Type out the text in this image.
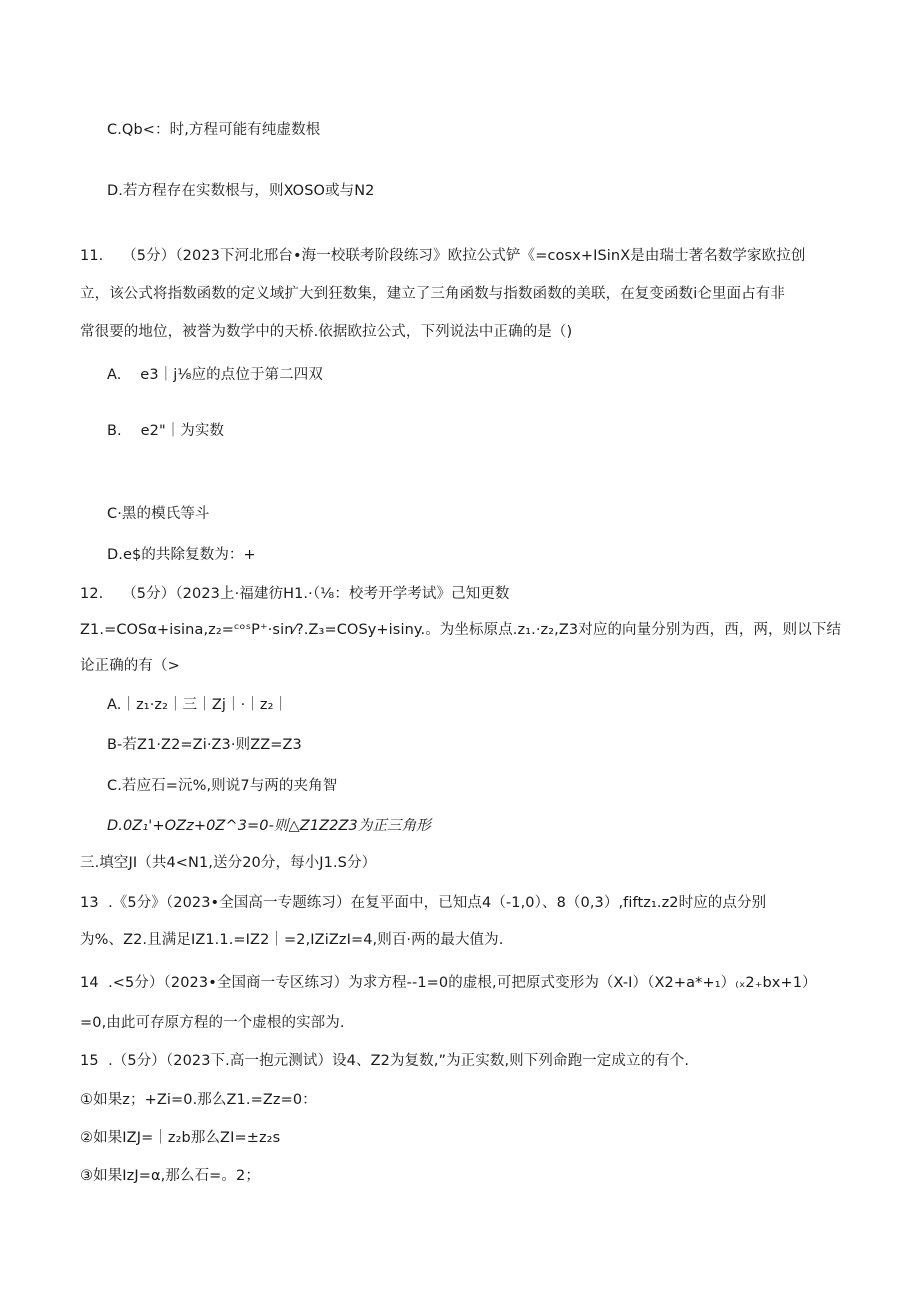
C.Qb<：时,方程可能有纯虚数根
D.若方程存在实数根与，则XOSO或与N2
11.    （5分）（2023下河北邢台•海一校联考阶段练习》欧拉公式铲《=cosx+ISinX是由瑞士著名数学家欧拉创
立，该公式将指数函数的定义域扩大到狂数集，建立了三角函数与指数函数的美联，在复变函数i仑里面占有非
常很要的地位，被誉为数学中的天桥.依据欧拉公式，下列说法中正确的是（)
A.    e3｜j⅛应的点位于第二四双
B.    e2"｜为实数
C·黑的模氏等斗
D.e$的共除复数为：+
12.    （5分）（2023上·福建彷H1.·（⅛：校考开学考试》己知更数
Z1.=COSα+isina,z₂=ᶜᵒˢP⁺·sin⁄?.Z₃=COSy+isiny.。为坐标原点.z₁.·z₂,Z3对应的向量分别为西，西，两，则以下结
论正确的有（>
A.｜z₁·z₂｜三｜Zj｜·｜z₂｜
B-若Z1·Z2=Zi·Z3·则ZZ=Z3
C.若应石=沅%,则说7与两的夹角智
D.0Z₁'+OZz+0Z^3=0-则△Z1Z2Z3为正三角形
三.填空JI（共4<N1,送分20分，每小J1.S分）
13  .《5分》（2023•全国高一专题练习）在复平面中，已知点4（-1,0）、8（0,3）,fiftz₁.z2时应的点分别
为%、Z2.且满足IZ1.1.=IZ2｜=2,IZiZzI=4,则百·两的最大值为.
14  .<5分）（2023•全国商一专区练习）为求方程--1=0的虚根,可把原式变形为（X-I）（X2+a*+₁）₍ₓ2₊bx+1）
=0,由此可存原方程的一个虚根的实部为.
15  .（5分）（2023下.高一抱元测试）设4、Z2为复数,”为正实数,则下列命跑一定成立的有个.
①如果z；+Zi=0.那么Z1.=Zz=0：
②如果IZJ=｜z₂b那么ZI=±z₂s
③如果IzJ=α,那么石=。2；
